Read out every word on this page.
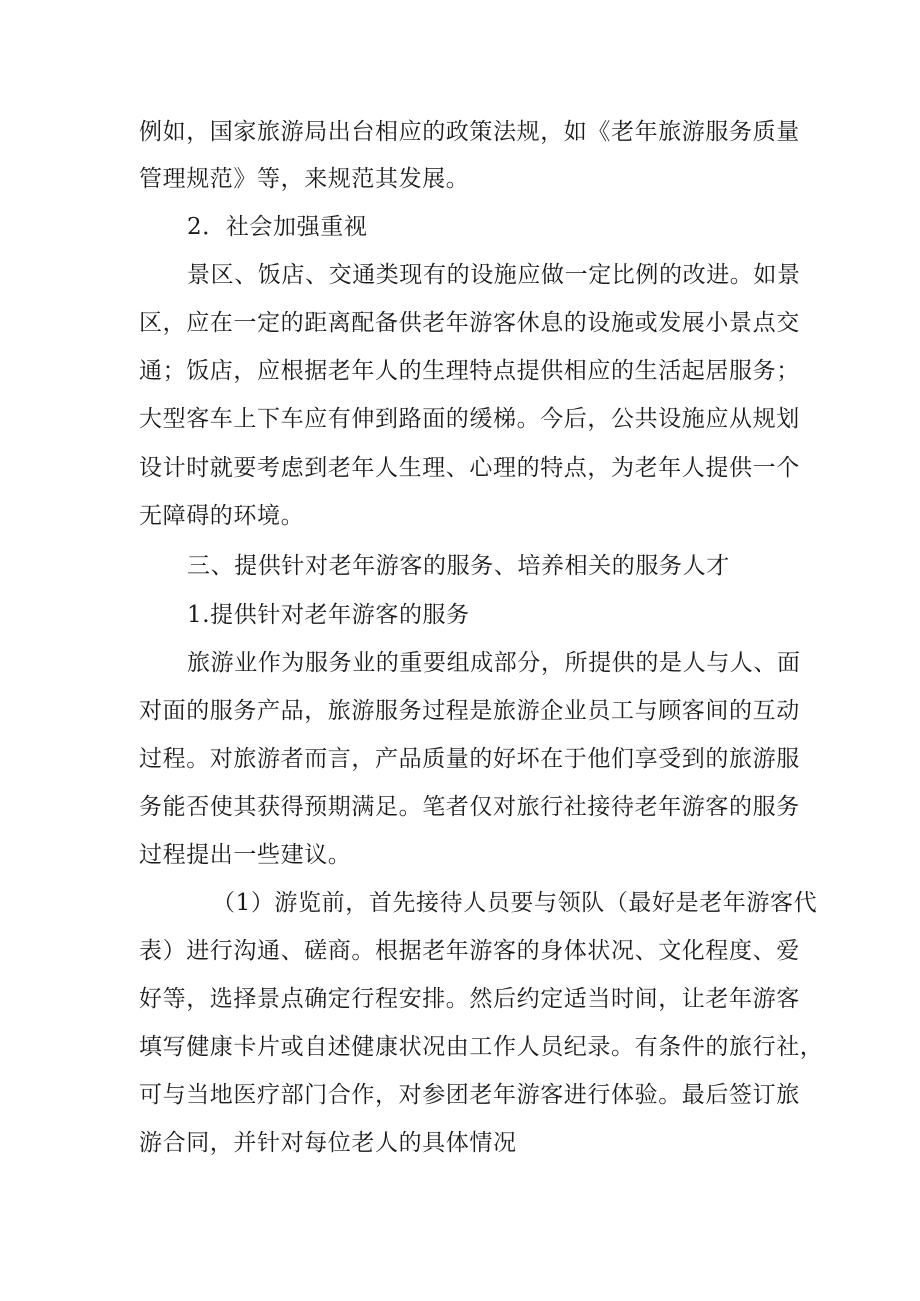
例如，国家旅游局出台相应的政策法规，如《老年旅游服务质量
管理规范》等，来规范其发展。
2．社会加强重视
景区、饭店、交通类现有的设施应做一定比例的改进。如景
区，应在一定的距离配备供老年游客休息的设施或发展小景点交
通；饭店，应根据老年人的生理特点提供相应的生活起居服务；
大型客车上下车应有伸到路面的缓梯。今后，公共设施应从规划
设计时就要考虑到老年人生理、心理的特点，为老年人提供一个
无障碍的环境。
三、提供针对老年游客的服务、培养相关的服务人才
1.提供针对老年游客的服务
旅游业作为服务业的重要组成部分，所提供的是人与人、面
对面的服务产品，旅游服务过程是旅游企业员工与顾客间的互动
过程。对旅游者而言，产品质量的好坏在于他们享受到的旅游服
务能否使其获得预期满足。笔者仅对旅行社接待老年游客的服务
过程提出一些建议。
（1）游览前，首先接待人员要与领队（最好是老年游客代
表）进行沟通、磋商。根据老年游客的身体状况、文化程度、爱
好等，选择景点确定行程安排。然后约定适当时间，让老年游客
填写健康卡片或自述健康状况由工作人员纪录。有条件的旅行社，
可与当地医疗部门合作，对参团老年游客进行体验。最后签订旅
游合同，并针对每位老人的具体情况
